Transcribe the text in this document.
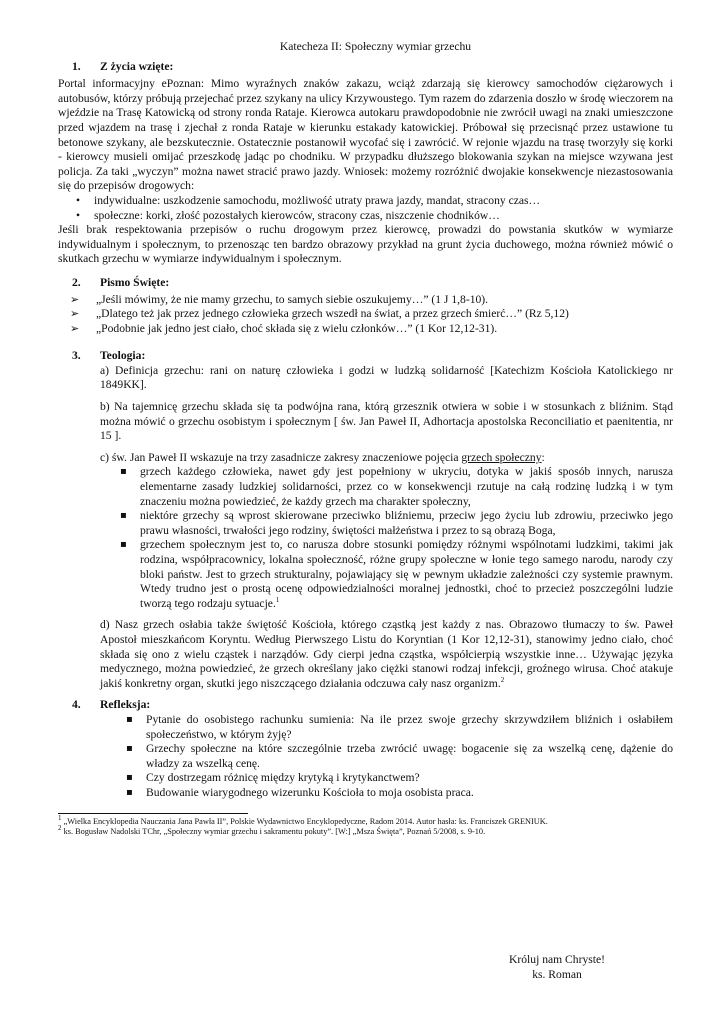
Katecheza II: Społeczny wymiar grzechu
1.	Z życia wzięte:

Portal informacyjny ePoznan: Mimo wyraźnych znaków zakazu, wciąż zdarzają się kierowcy samochodów ciężarowych i autobusów, którzy próbują przejechać przez szykany na ulicy Krzywoustego. Tym razem do zdarzenia doszło w środę wieczorem na wjeździe na Trasę Katowicką od strony ronda Rataje. Kierowca autokaru prawdopodobnie nie zwrócił uwagi na znaki umieszczone przed wjazdem na trasę i zjechał z ronda Rataje w kierunku estakady katowickiej. Próbował się przecisnąć przez ustawione tu betonowe szykany, ale bezskutecznie. Ostatecznie postanowił wycofać się i zawrócić. W rejonie wjazdu na trasę tworzyły się korki - kierowcy musieli omijać przeszkodę jadąc po chodniku. W przypadku dłuższego blokowania szykan na miejsce wzywana jest policja. Za taki „wyczyn” można nawet stracić prawo jazdy. Wniosek: możemy rozróżnić dwojakie konsekwencje niezastosowania się do przepisów drogowych:

• indywidualne: uszkodzenie samochodu, możliwość utraty prawa jazdy, mandat, stracony czas…
• społeczne: korki, złość pozostałych kierowców, stracony czas, niszczenie chodników…

Jeśli brak respektowania przepisów o ruchu drogowym przez kierowcę, prowadzi do powstania skutków w wymiarze indywidualnym i społecznym, to przenosząc ten bardzo obrazowy przykład na grunt życia duchowego, można również mówić o skutkach grzechu w wymiarze indywidualnym i społecznym.

2.	Pismo Święte:
➢ „Jeśli mówimy, że nie mamy grzechu, to samych siebie oszukujemy…” (1 J 1,8-10).
➢ „Dlatego też jak przez jednego człowieka grzech wszedł na świat, a przez grzech śmierć…” (Rz 5,12)
➢ „Podobnie jak jedno jest ciało, choć składa się z wielu członków…” (1 Kor 12,12-31).
3.	Teologia:

a) Definicja grzechu: rani on naturę człowieka i godzi w ludzką solidarność [Katechizm Kościoła Katolickiego nr 1849KK].

b) Na tajemnicę grzechu składa się ta podwójna rana, którą grzesznik otwiera w sobie i w stosunkach z bliźnim. Stąd można mówić o grzechu osobistym i społecznym [ św. Jan Paweł II, Adhortacja apostolska Reconciliatio et paenitentia, nr 15 ].

c) św. Jan Paweł II wskazuje na trzy zasadnicze zakresy znaczeniowe pojęcia grzech społeczny:

▪ grzech każdego człowieka, nawet gdy jest popełniony w ukryciu, dotyka w jakiś sposób innych, narusza elementarne zasady ludzkiej solidarności, przez co w konsekwencji rzutuje na całą rodzinę ludzką i w tym znaczeniu można powiedzieć, że każdy grzech ma charakter społeczny,
▪ niektóre grzechy są wprost skierowane przeciwko bliźniemu, przeciw jego życiu lub zdrowiu, przeciwko jego prawu własności, trwałości jego rodziny, świętości małżeństwa i przez to są obrazą Boga,
▪ grzechem społecznym jest to, co narusza dobre stosunki pomiędzy różnymi wspólnotami ludzkimi, takimi jak rodzina, współpracownicy, lokalna społeczność, różne grupy społeczne w łonie tego samego narodu, narody czy bloki państw. Jest to grzech strukturalny, pojawiający się w pewnym układzie zależności czy systemie prawnym. Wtedy trudno jest o prostą ocenę odpowiedzialności moralnej jednostki, choć to przecież poszczególni ludzie tworzą tego rodzaju sytuacje.$^1$

d) Nasz grzech osłabia także świętość Kościoła, którego cząstką jest każdy z nas. Obrazowo tłumaczy to św. Paweł Apostoł mieszkańcom Koryntu. Według Pierwszego Listu do Koryntian (1 Kor 12,12-31), stanowimy jedno ciało, choć składa się ono z wielu cząstek i narządów. Gdy cierpi jedna cząstka, współcierpią wszystkie inne… Używając języka medycznego, można powiedzieć, że grzech określany jako ciężki stanowi rodzaj infekcji, groźnego wirusa. Choć atakuje jakiś konkretny organ, skutki jego niszczącego działania odczuwa cały nasz organizm.$^2$

4.	Refleksja:
▪ Pytanie do osobistego rachunku sumienia: Na ile przez swoje grzechy skrzywdziłem bliźnich i osłabiłem społeczeństwo, w którym żyję?
▪ Grzechy społeczne na które szczególnie trzeba zwrócić uwagę: bogacenie się za wszelką cenę, dążenie do władzy za wszelką cenę.
▪ Czy dostrzegam różnicę między krytyką i krytykanctwem?
▪ Budowanie wiarygodnego wizerunku Kościoła to moja osobista praca.
$^1$ „Wielka Encyklopedia Nauczania Jana Pawła II”, Polskie Wydawnictwo Encyklopedyczne, Radom 2014. Autor hasła: ks. Franciszek GRENIUK.
$^2$ ks. Bogusław Nadolski TChr, „Społeczny wymiar grzechu i sakramentu pokuty”. [W:] „Msza Święta”, Poznań 5/2008, s. 9-10.
Króluj nam Chryste!
ks. Roman
